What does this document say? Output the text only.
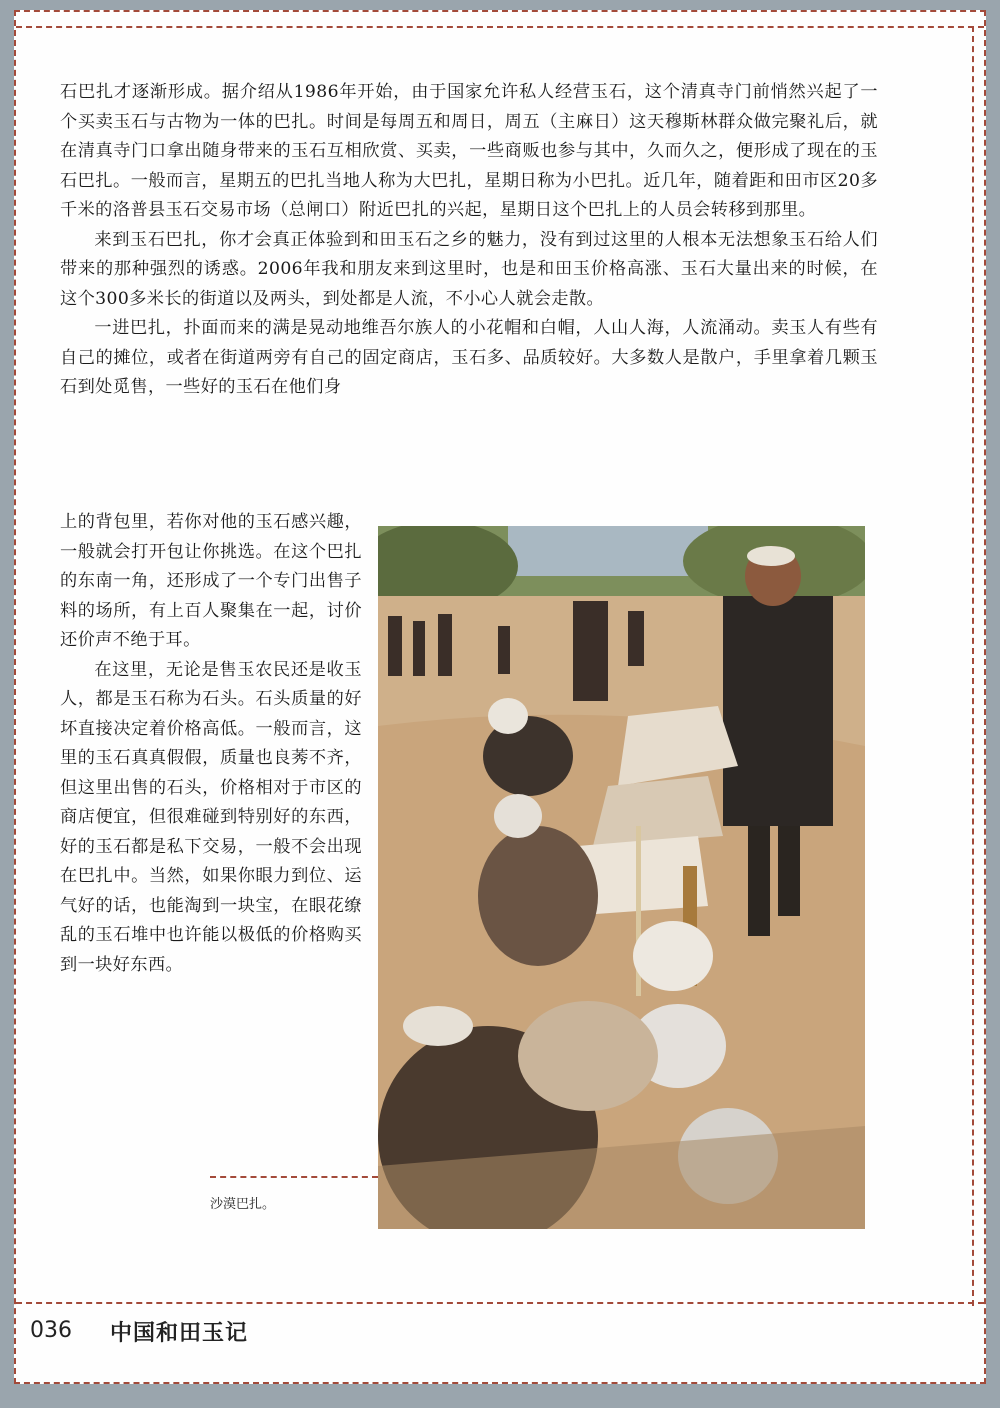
石巴扎才逐渐形成。据介绍从1986年开始，由于国家允许私人经营玉石，这个清真寺门前悄然兴起了一个买卖玉石与古物为一体的巴扎。时间是每周五和周日，周五（主麻日）这天穆斯林群众做完聚礼后，就在清真寺门口拿出随身带来的玉石互相欣赏、买卖，一些商贩也参与其中，久而久之，便形成了现在的玉石巴扎。一般而言，星期五的巴扎当地人称为大巴扎，星期日称为小巴扎。近几年，随着距和田市区20多千米的洛普县玉石交易市场（总闸口）附近巴扎的兴起，星期日这个巴扎上的人员会转移到那里。

来到玉石巴扎，你才会真正体验到和田玉石之乡的魅力，没有到过这里的人根本无法想象玉石给人们带来的那种强烈的诱惑。2006年我和朋友来到这里时，也是和田玉价格高涨、玉石大量出来的时候，在这个300多米长的街道以及两头，到处都是人流，不小心人就会走散。

一进巴扎，扑面而来的满是晃动地维吾尔族人的小花帽和白帽，人山人海，人流涌动。卖玉人有些有自己的摊位，或者在街道两旁有自己的固定商店，玉石多、品质较好。大多数人是散户，手里拿着几颗玉石到处觅售，一些好的玉石在他们身

上的背包里，若你对他的玉石感兴趣，一般就会打开包让你挑选。在这个巴扎的东南一角，还形成了一个专门出售子料的场所，有上百人聚集在一起，讨价还价声不绝于耳。

在这里，无论是售玉农民还是收玉人，都是玉石称为石头。石头质量的好坏直接决定着价格高低。一般而言，这里的玉石真真假假，质量也良莠不齐，但这里出售的石头，价格相对于市区的商店便宜，但很难碰到特别好的东西，好的玉石都是私下交易，一般不会出现在巴扎中。当然，如果你眼力到位、运气好的话，也能淘到一块宝，在眼花缭乱的玉石堆中也许能以极低的价格购买到一块好东西。

沙漠巴扎。
036 中国和田玉记
